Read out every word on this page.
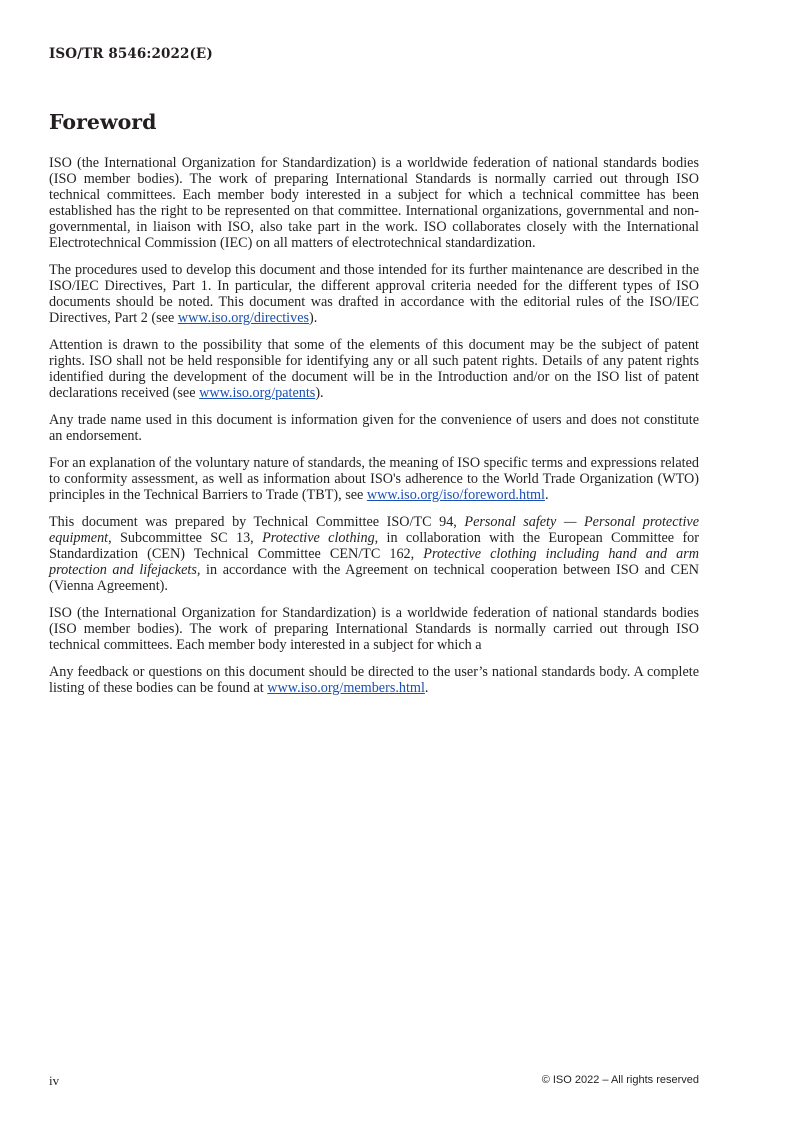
ISO/TR 8546:2022(E)

Foreword

ISO (the International Organization for Standardization) is a worldwide federation of national standards bodies (ISO member bodies). The work of preparing International Standards is normally carried out through ISO technical committees. Each member body interested in a subject for which a technical committee has been established has the right to be represented on that committee. International organizations, governmental and non-governmental, in liaison with ISO, also take part in the work. ISO collaborates closely with the International Electrotechnical Commission (IEC) on all matters of electrotechnical standardization.

The procedures used to develop this document and those intended for its further maintenance are described in the ISO/IEC Directives, Part 1. In particular, the different approval criteria needed for the different types of ISO documents should be noted. This document was drafted in accordance with the editorial rules of the ISO/IEC Directives, Part 2 (see www.iso.org/directives).

Attention is drawn to the possibility that some of the elements of this document may be the subject of patent rights. ISO shall not be held responsible for identifying any or all such patent rights. Details of any patent rights identified during the development of the document will be in the Introduction and/or on the ISO list of patent declarations received (see www.iso.org/patents).

Any trade name used in this document is information given for the convenience of users and does not constitute an endorsement.

For an explanation of the voluntary nature of standards, the meaning of ISO specific terms and expressions related to conformity assessment, as well as information about ISO's adherence to the World Trade Organization (WTO) principles in the Technical Barriers to Trade (TBT), see www.iso.org/iso/foreword.html.

This document was prepared by Technical Committee ISO/TC 94, Personal safety — Personal protective equipment, Subcommittee SC 13, Protective clothing, in collaboration with the European Committee for Standardization (CEN) Technical Committee CEN/TC 162, Protective clothing including hand and arm protection and lifejackets, in accordance with the Agreement on technical cooperation between ISO and CEN (Vienna Agreement).

ISO (the International Organization for Standardization) is a worldwide federation of national standards bodies (ISO member bodies). The work of preparing International Standards is normally carried out through ISO technical committees. Each member body interested in a subject for which a

Any feedback or questions on this document should be directed to the user’s national standards body. A complete listing of these bodies can be found at www.iso.org/members.html.

iv	© ISO 2022 – All rights reserved
